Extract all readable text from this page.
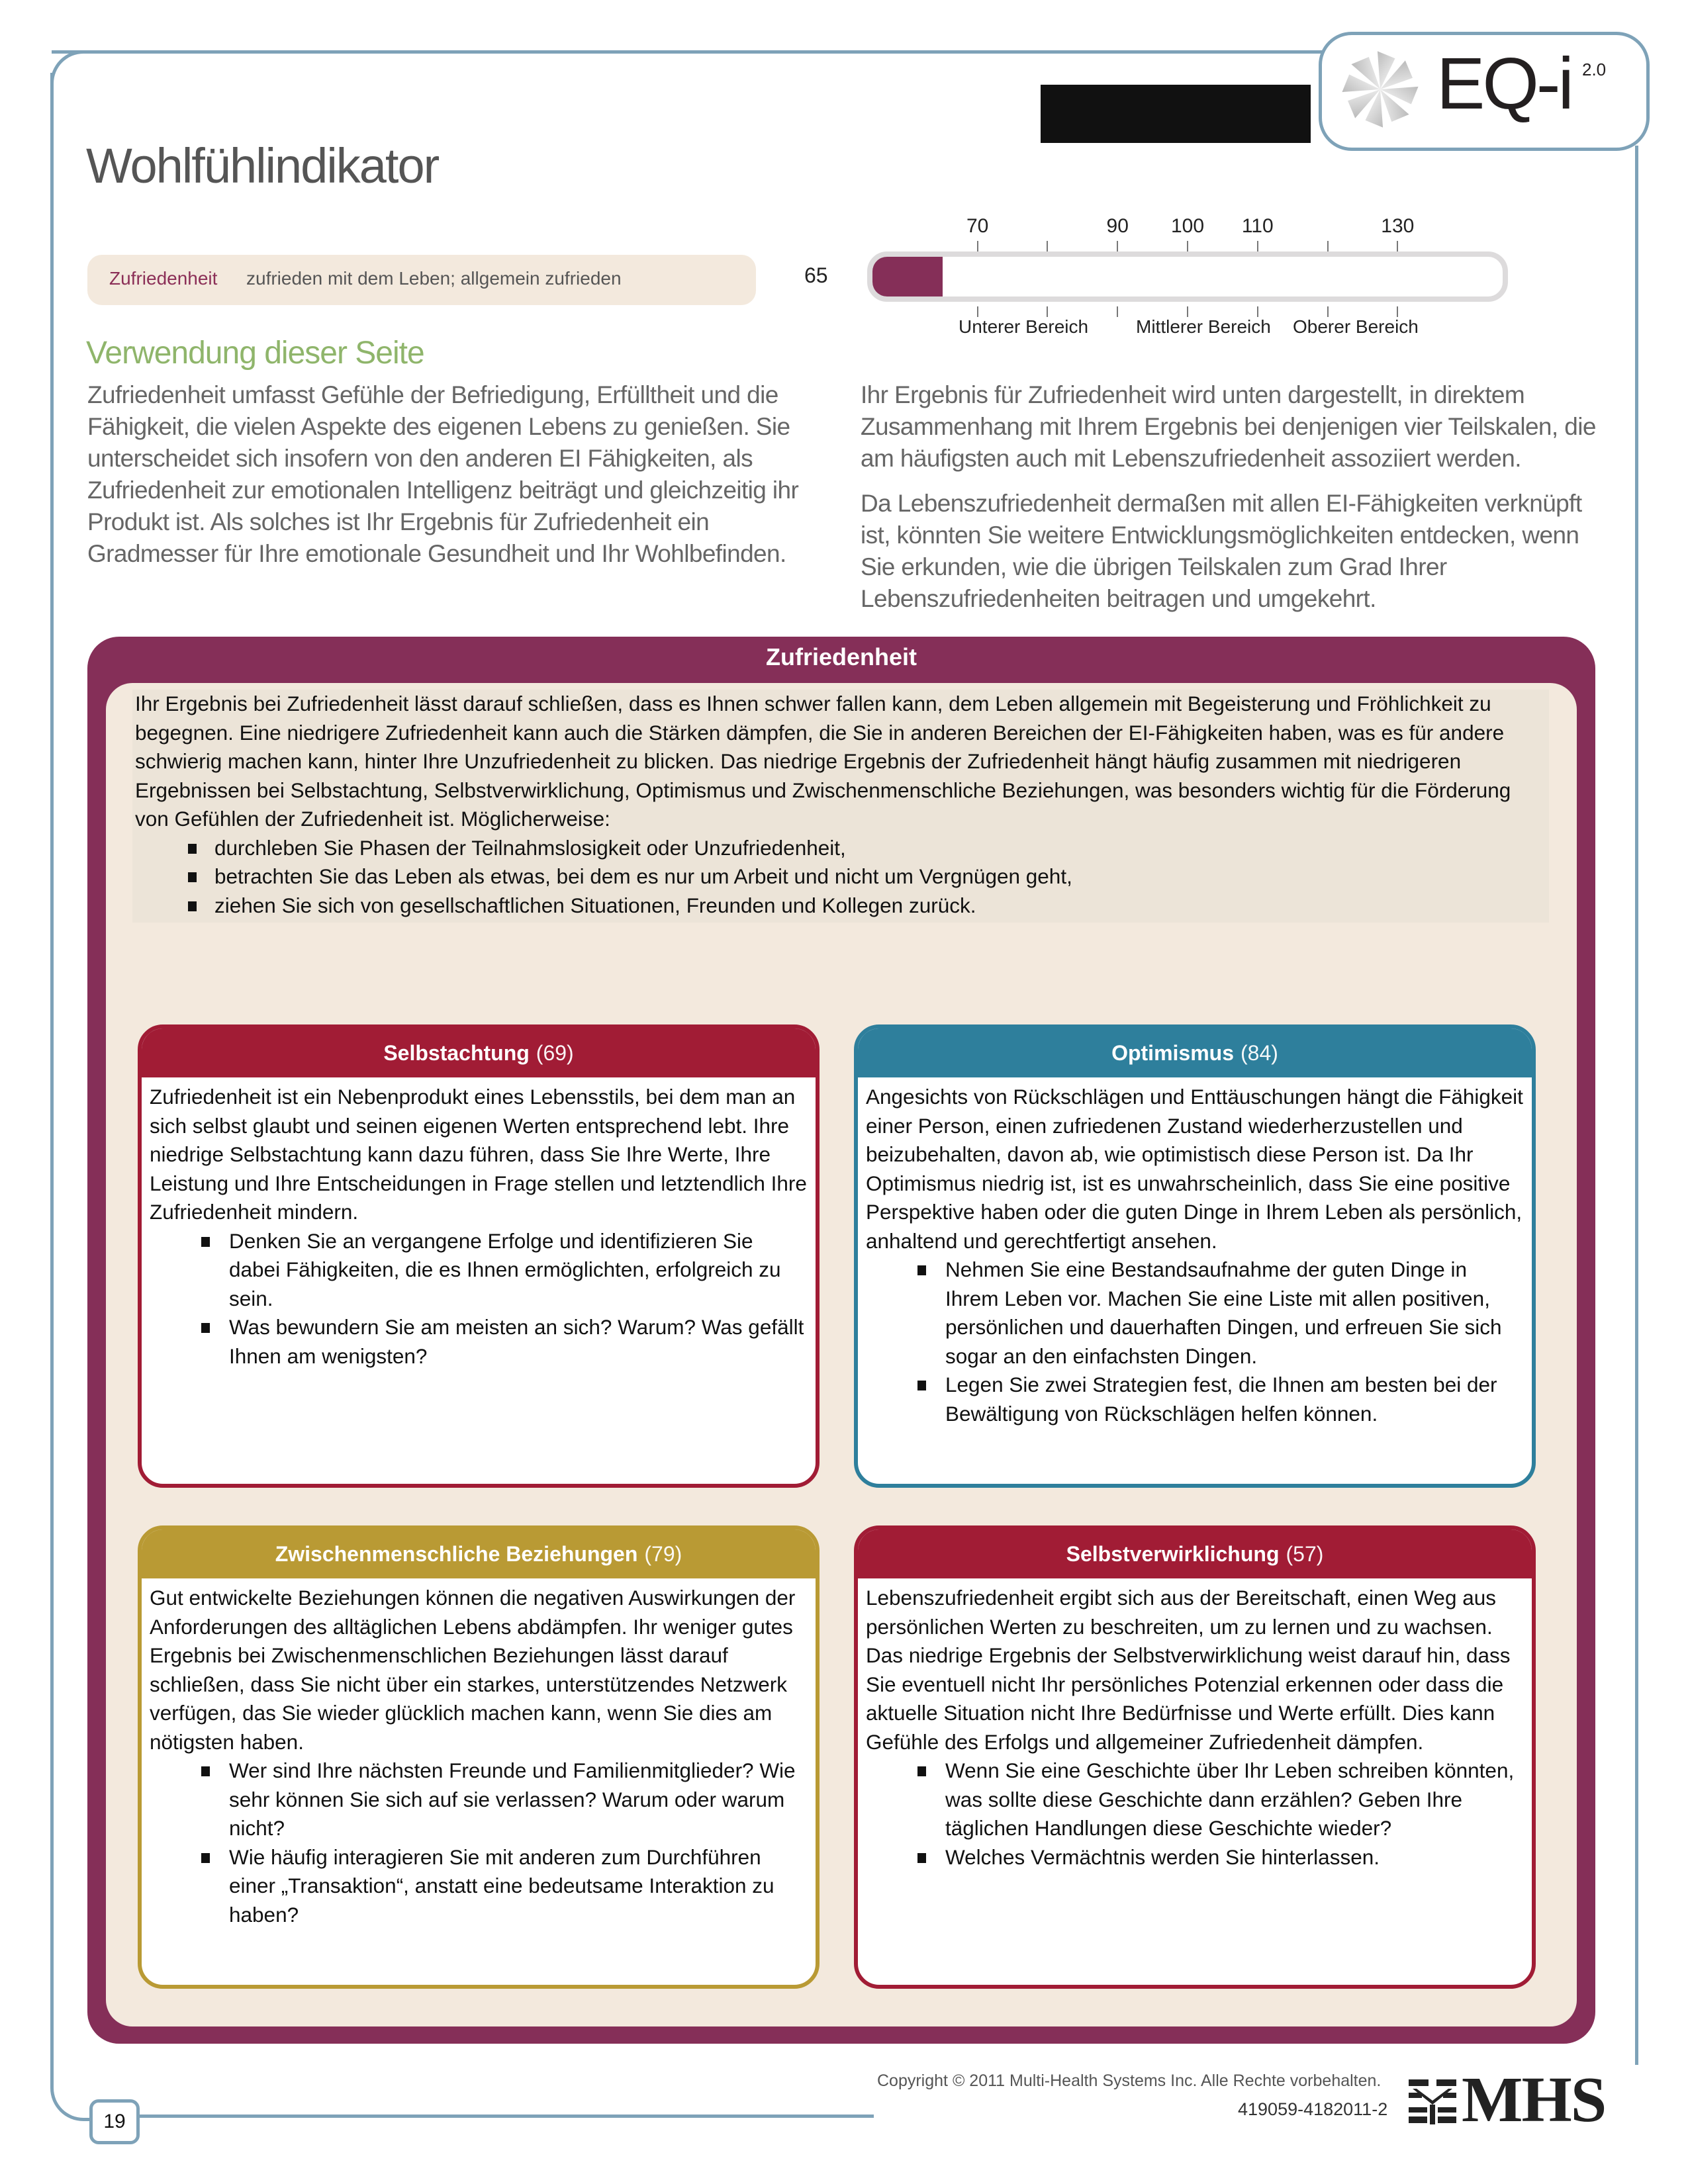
EQ-i 2.0
Wohlfühlindikator
Zufriedenheit zufrieden mit dem Leben; allgemein zufrieden	65
70	90 100 110	130
Unterer Bereich	Mittlerer Bereich Oberer Bereich
Verwendung dieser Seite
Zufriedenheit umfasst Gefühle der Befriedigung, Erfülltheit und die Fähigkeit, die vielen Aspekte des eigenen Lebens zu genießen. Sie unterscheidet sich insofern von den anderen EI Fähigkeiten, als Zufriedenheit zur emotionalen Intelligenz beiträgt und gleichzeitig ihr Produkt ist. Als solches ist Ihr Ergebnis für Zufriedenheit ein Gradmesser für Ihre emotionale Gesundheit und Ihr Wohlbefinden.

Ihr Ergebnis für Zufriedenheit wird unten dargestellt, in direktem Zusammenhang mit Ihrem Ergebnis bei denjenigen vier Teilskalen, die am häufigsten auch mit Lebenszufriedenheit assoziiert werden.

Da Lebenszufriedenheit dermaßen mit allen EI-Fähigkeiten verknüpft ist, könnten Sie weitere Entwicklungsmöglichkeiten entdecken, wenn Sie erkunden, wie die übrigen Teilskalen zum Grad Ihrer Lebenszufriedenheiten beitragen und umgekehrt.

Zufriedenheit

Ihr Ergebnis bei Zufriedenheit lässt darauf schließen, dass es Ihnen schwer fallen kann, dem Leben allgemein mit Begeisterung und Fröhlichkeit zu begegnen. Eine niedrigere Zufriedenheit kann auch die Stärken dämpfen, die Sie in anderen Bereichen der EI-Fähigkeiten haben, was es für andere schwierig machen kann, hinter Ihre Unzufriedenheit zu blicken. Das niedrige Ergebnis der Zufriedenheit hängt häufig zusammen mit niedrigeren Ergebnissen bei Selbstachtung, Selbstverwirklichung, Optimismus und Zwischenmenschliche Beziehungen, was besonders wichtig für die Förderung von Gefühlen der Zufriedenheit ist. Möglicherweise:

durchleben Sie Phasen der Teilnahmslosigkeit oder Unzufriedenheit,
betrachten Sie das Leben als etwas, bei dem es nur um Arbeit und nicht um Vergnügen geht,
ziehen Sie sich von gesellschaftlichen Situationen, Freunden und Kollegen zurück.
Selbstachtung (69)

Zufriedenheit ist ein Nebenprodukt eines Lebensstils, bei dem man an sich selbst glaubt und seinen eigenen Werten entsprechend lebt. Ihre niedrige Selbstachtung kann dazu führen, dass Sie Ihre Werte, Ihre Leistung und Ihre Entscheidungen in Frage stellen und letztendlich Ihre Zufriedenheit mindern.

Denken Sie an vergangene Erfolge und identifizieren Sie dabei Fähigkeiten, die es Ihnen ermöglichten, erfolgreich zu sein.
Was bewundern Sie am meisten an sich? Warum? Was gefällt Ihnen am wenigsten?
Optimismus (84)

Angesichts von Rückschlägen und Enttäuschungen hängt die Fähigkeit einer Person, einen zufriedenen Zustand wiederherzustellen und beizubehalten, davon ab, wie optimistisch diese Person ist. Da Ihr Optimismus niedrig ist, ist es unwahrscheinlich, dass Sie eine positive Perspektive haben oder die guten Dinge in Ihrem Leben als persönlich, anhaltend und gerechtfertigt ansehen.

Nehmen Sie eine Bestandsaufnahme der guten Dinge in Ihrem Leben vor. Machen Sie eine Liste mit allen positiven, persönlichen und dauerhaften Dingen, und erfreuen Sie sich sogar an den einfachsten Dingen.
Legen Sie zwei Strategien fest, die Ihnen am besten bei der Bewältigung von Rückschlägen helfen können.
Zwischenmenschliche Beziehungen (79)

Gut entwickelte Beziehungen können die negativen Auswirkungen der Anforderungen des alltäglichen Lebens abdämpfen. Ihr weniger gutes Ergebnis bei Zwischenmenschlichen Beziehungen lässt darauf schließen, dass Sie nicht über ein starkes, unterstützendes Netzwerk verfügen, das Sie wieder glücklich machen kann, wenn Sie dies am nötigsten haben.

Wer sind Ihre nächsten Freunde und Familienmitglieder? Wie sehr können Sie sich auf sie verlassen? Warum oder warum nicht?
Wie häufig interagieren Sie mit anderen zum Durchführen einer „Transaktion“, anstatt eine bedeutsame Interaktion zu haben?
Selbstverwirklichung (57)

Lebenszufriedenheit ergibt sich aus der Bereitschaft, einen Weg aus persönlichen Werten zu beschreiten, um zu lernen und zu wachsen. Das niedrige Ergebnis der Selbstverwirklichung weist darauf hin, dass Sie eventuell nicht Ihr persönliches Potenzial erkennen oder dass die aktuelle Situation nicht Ihre Bedürfnisse und Werte erfüllt. Dies kann Gefühle des Erfolgs und allgemeiner Zufriedenheit dämpfen.

Wenn Sie eine Geschichte über Ihr Leben schreiben könnten, was sollte diese Geschichte dann erzählen? Geben Ihre täglichen Handlungen diese Geschichte wieder?
Welches Vermächtnis werden Sie hinterlassen.
Copyright © 2011 Multi-Health Systems Inc. Alle Rechte vorbehalten.
419059-4182011-2 MHS
19
